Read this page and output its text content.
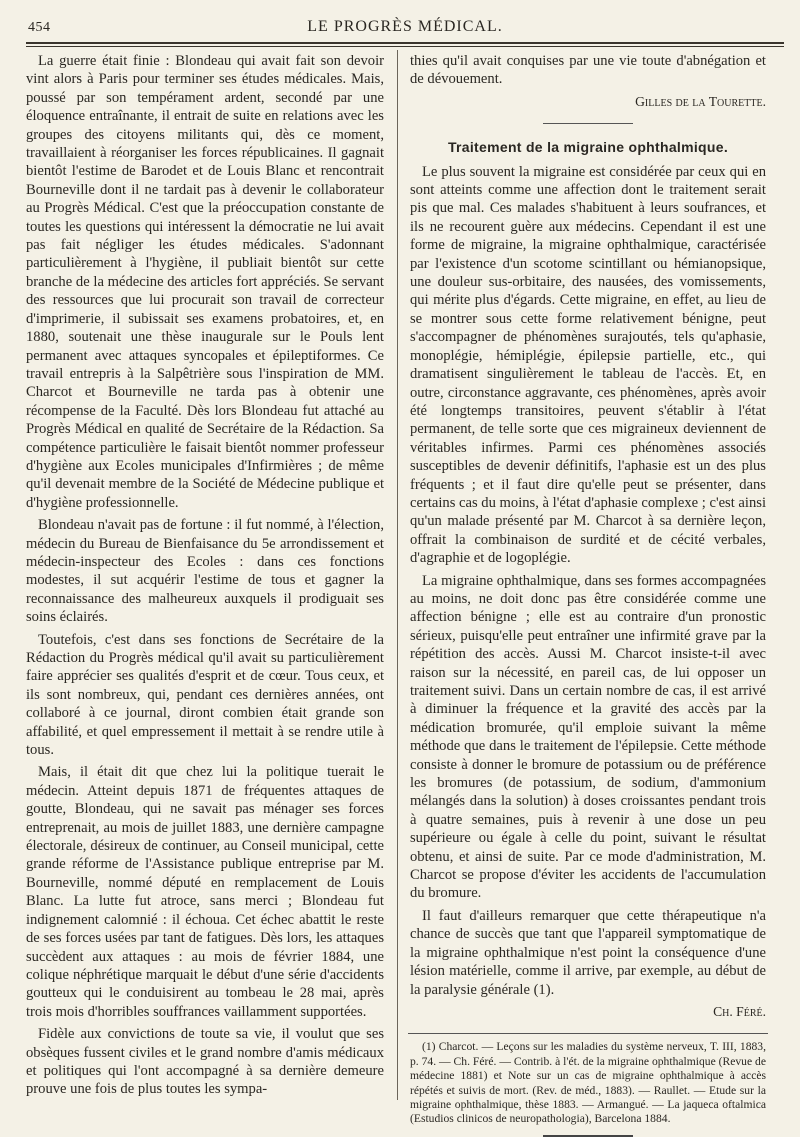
454	LE PROGRÈS MÉDICAL.

La guerre était finie : Blondeau qui avait fait son devoir vint alors à Paris pour terminer ses études médicales. Mais, poussé par son tempérament ardent, secondé par une éloquence entraînante, il entrait de suite en relations avec les groupes des citoyens militants qui, dès ce moment, travaillaient à réorganiser les forces républicaines. Il gagnait bientôt l'estime de Barodet et de Louis Blanc et rencontrait Bourneville dont il ne tardait pas à devenir le collaborateur au Progrès Médical. C'est que la préoccupation constante de toutes les questions qui intéressent la démocratie ne lui avait pas fait négliger les études médicales. S'adonnant particulièrement à l'hygiène, il publiait bientôt sur cette branche de la médecine des articles fort appréciés. Se servant des ressources que lui procurait son travail de correcteur d'imprimerie, il subissait ses examens probatoires, et, en 1880, soutenait une thèse inaugurale sur le Pouls lent permanent avec attaques syncopales et épileptiformes. Ce travail entrepris à la Salpêtrière sous l'inspiration de MM. Charcot et Bourneville ne tarda pas à obtenir une récompense de la Faculté. Dès lors Blondeau fut attaché au Progrès Médical en qualité de Secrétaire de la Rédaction. Sa compétence particulière le faisait bientôt nommer professeur d'hygiène aux Ecoles municipales d'Infirmières ; de même qu'il devenait membre de la Société de Médecine publique et d'hygiène professionnelle.

Blondeau n'avait pas de fortune : il fut nommé, à l'élection, médecin du Bureau de Bienfaisance du 5e arrondissement et médecin-inspecteur des Ecoles : dans ces fonctions modestes, il sut acquérir l'estime de tous et gagner la reconnaissance des malheureux auxquels il prodiguait ses soins éclairés.

Toutefois, c'est dans ses fonctions de Secrétaire de la Rédaction du Progrès médical qu'il avait su particulièrement faire apprécier ses qualités d'esprit et de cœur. Tous ceux, et ils sont nombreux, qui, pendant ces dernières années, ont collaboré à ce journal, diront combien était grande son affabilité, et quel empressement il mettait à se rendre utile à tous.

Mais, il était dit que chez lui la politique tuerait le médecin. Atteint depuis 1871 de fréquentes attaques de goutte, Blondeau, qui ne savait pas ménager ses forces entreprenait, au mois de juillet 1883, une dernière campagne électorale, désireux de continuer, au Conseil municipal, cette grande réforme de l'Assistance publique entreprise par M. Bourneville, nommé député en remplacement de Louis Blanc. La lutte fut atroce, sans merci ; Blondeau fut indignement calomnié : il échoua. Cet échec abattit le reste de ses forces usées par tant de fatigues. Dès lors, les attaques succèdent aux attaques : au mois de février 1884, une colique néphrétique marquait le début d'une série d'accidents goutteux qui le conduisirent au tombeau le 28 mai, après trois mois d'horribles souffrances vaillamment supportées.

Fidèle aux convictions de toute sa vie, il voulut que ses obsèques fussent civiles et le grand nombre d'amis médicaux et politiques qui l'ont accompagné à sa dernière demeure prouve une fois de plus toutes les sympa-

thies qu'il avait conquises par une vie toute d'abnégation et de dévouement.

Gilles de la Tourette.

Traitement de la migraine ophthalmique.

Le plus souvent la migraine est considérée par ceux qui en sont atteints comme une affection dont le traitement serait pis que mal. Ces malades s'habituent à leurs soufrances, et ils ne recourent guère aux médecins. Cependant il est une forme de migraine, la migraine ophthalmique, caractérisée par l'existence d'un scotome scintillant ou hémianopsique, une douleur sus-orbitaire, des nausées, des vomissements, qui mérite plus d'égards. Cette migraine, en effet, au lieu de se montrer sous cette forme relativement bénigne, peut s'accompagner de phénomènes surajoutés, tels qu'aphasie, monoplégie, hémiplégie, épilepsie partielle, etc., qui dramatisent singulièrement le tableau de l'accès. Et, en outre, circonstance aggravante, ces phénomènes, après avoir été longtemps transitoires, peuvent s'établir à l'état permanent, de telle sorte que ces migraineux deviennent de véritables infirmes. Parmi ces phénomènes associés susceptibles de devenir définitifs, l'aphasie est un des plus fréquents ; et il faut dire qu'elle peut se présenter, dans certains cas du moins, à l'état d'aphasie complexe ; c'est ainsi qu'un malade présenté par M. Charcot à sa dernière leçon, offrait la combinaison de surdité et de cécité verbales, d'agraphie et de logoplégie.

La migraine ophthalmique, dans ses formes accompagnées au moins, ne doit donc pas être considérée comme une affection bénigne ; elle est au contraire d'un pronostic sérieux, puisqu'elle peut entraîner une infirmité grave par la répétition des accès. Aussi M. Charcot insiste-t-il avec raison sur la nécessité, en pareil cas, de lui opposer un traitement suivi. Dans un certain nombre de cas, il est arrivé à diminuer la fréquence et la gravité des accès par la médication bromurée, qu'il emploie suivant la même méthode que dans le traitement de l'épilepsie. Cette méthode consiste à donner le bromure de potassium ou de préférence les bromures (de potassium, de sodium, d'ammonium mélangés dans la solution) à doses croissantes pendant trois à quatre semaines, puis à revenir à une dose un peu supérieure ou égale à celle du point, suivant le résultat obtenu, et ainsi de suite. Par ce mode d'administration, M. Charcot se propose d'éviter les accidents de l'accumulation du bromure.

Il faut d'ailleurs remarquer que cette thérapeutique n'a chance de succès que tant que l'appareil symptomatique de la migraine ophthalmique n'est point la conséquence d'une lésion matérielle, comme il arrive, par exemple, au début de la paralysie générale (1).

Ch. Féré.

(1) Charcot. — Leçons sur les maladies du système nerveux, T. III, 1883, p. 74. — Ch. Féré. — Contrib. à l'ét. de la migraine ophthalmique (Revue de médecine 1881) et Note sur un cas de migraine ophthalmique à accès répétés et suivis de mort. (Rev. de méd., 1883). — Raullet. — Etude sur la migraine ophthalmique, thèse 1883. — Armangué. — La jaqueca oftalmica (Estudios clinicos de neuropathologia), Barcelona 1884.
